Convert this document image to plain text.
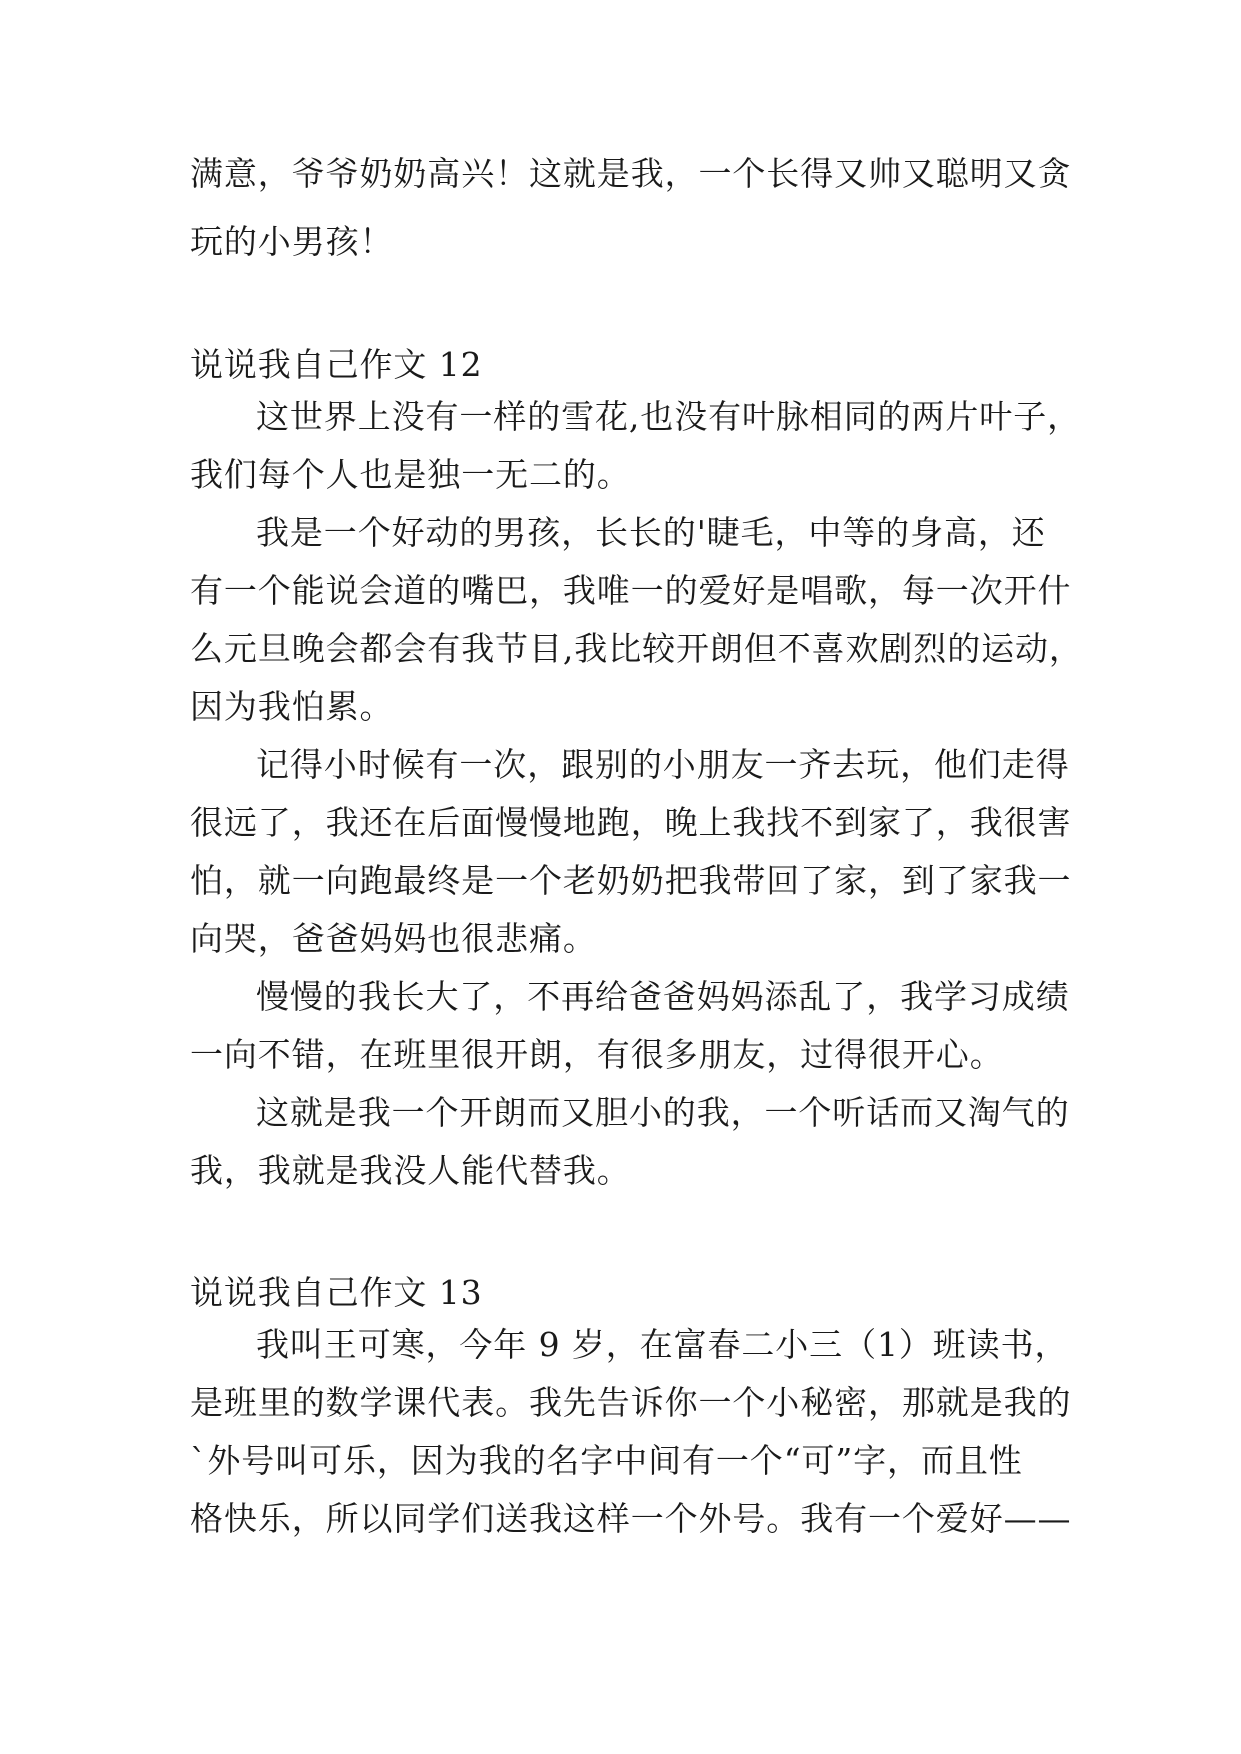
满意，爷爷奶奶高兴！这就是我，一个长得又帅又聪明又贪
玩的小男孩！
说说我自己作文 12
这世界上没有一样的雪花,也没有叶脉相同的两片叶子，
我们每个人也是独一无二的。
我是一个好动的男孩，长长的'睫毛，中等的身高，还
有一个能说会道的嘴巴，我唯一的爱好是唱歌，每一次开什
么元旦晚会都会有我节目,我比较开朗但不喜欢剧烈的运动，
因为我怕累。
记得小时候有一次，跟别的小朋友一齐去玩，他们走得
很远了，我还在后面慢慢地跑，晚上我找不到家了，我很害
怕，就一向跑最终是一个老奶奶把我带回了家，到了家我一
向哭，爸爸妈妈也很悲痛。
慢慢的我长大了，不再给爸爸妈妈添乱了，我学习成绩
一向不错，在班里很开朗，有很多朋友，过得很开心。
这就是我一个开朗而又胆小的我，一个听话而又淘气的
我，我就是我没人能代替我。
说说我自己作文 13
我叫王可寒，今年 9 岁，在富春二小三（1）班读书，
是班里的数学课代表。我先告诉你一个小秘密，那就是我的
`外号叫可乐，因为我的名字中间有一个“可”字，而且性
格快乐，所以同学们送我这样一个外号。我有一个爱好——
